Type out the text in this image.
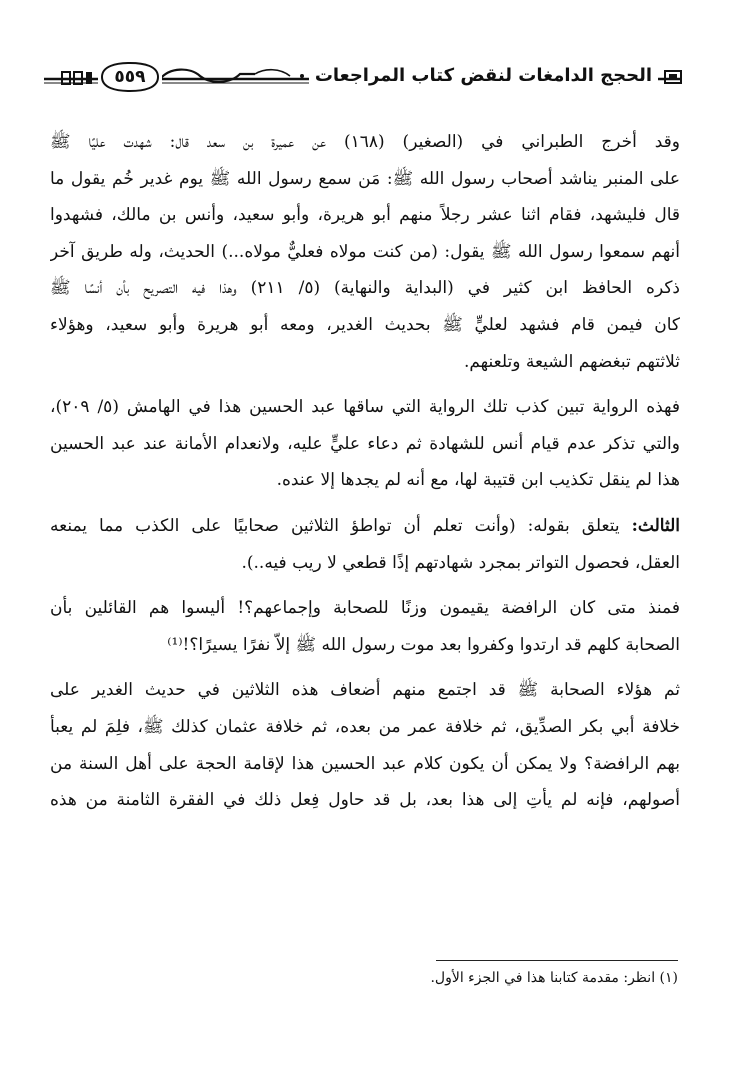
٥٥٩	الحجج الدامغات لنقض كتاب المراجعات
وقد أخرج الطبراني في (الصغير) (١٦٨) عن عميرة بن سعد قال: شهدت عليًا ﷺ
على المنبر يناشد أصحاب رسول الله ﷺ: مَن سمع رسول الله ﷺ يوم غدير خُم يقول ما
قال فليشهد، فقام اثنا عشر رجلاً منهم أبو هريرة، وأبو سعيد، وأنس بن مالك، فشهدوا
أنهم سمعوا رسول الله ﷺ يقول: (من كنت مولاه فعليٌّ مولاه...) الحديث، وله طريق آخر
ذكره الحافظ ابن كثير في (البداية والنهاية) (٥/ ٢١١) وهذا فيه التصريح بأن أنسًا ﷺ
كان فيمن قام فشهد لعليٍّ ﷺ بحديث الغدير، ومعه أبو هريرة وأبو سعيد، وهؤلاء
ثلاثتهم تبغضهم الشيعة وتلعنهم.
فهذه الرواية تبين كذب تلك الرواية التي ساقها عبد الحسين هذا في الهامش (٥/ ٢٠٩)،
والتي تذكر عدم قيام أنس للشهادة ثم دعاء عليٍّ عليه، ولانعدام الأمانة عند عبد الحسين
هذا لم ينقل تكذيب ابن قتيبة لها، مع أنه لم يجدها إلا عنده.
الثالث: يتعلق بقوله: (وأنت تعلم أن تواطؤ الثلاثين صحابيًا على الكذب مما يمنعه
العقل، فحصول التواتر بمجرد شهادتهم إذًا قطعي لا ريب فيه..).
فمنذ متى كان الرافضة يقيمون وزنًا للصحابة وإجماعهم؟! أليسوا هم القائلين بأن
الصحابة كلهم قد ارتدوا وكفروا بعد موت رسول الله ﷺ إلاّ نفرًا يسيرًا؟!⁽¹⁾
ثم هؤلاء الصحابة ﷺ قد اجتمع منهم أضعاف هذه الثلاثين في حديث الغدير على
خلافة أبي بكر الصدِّيق، ثم خلافة عمر من بعده، ثم خلافة عثمان كذلك ﷺ، فلِمَ لم يعبأ
بهم الرافضة؟ ولا يمكن أن يكون كلام عبد الحسين هذا لإقامة الحجة على أهل السنة من
أصولهم، فإنه لم يأتِ إلى هذا بعد، بل قد حاول فِعل ذلك في الفقرة الثامنة من هذه
(١) انظر: مقدمة كتابنا هذا في الجزء الأول.
